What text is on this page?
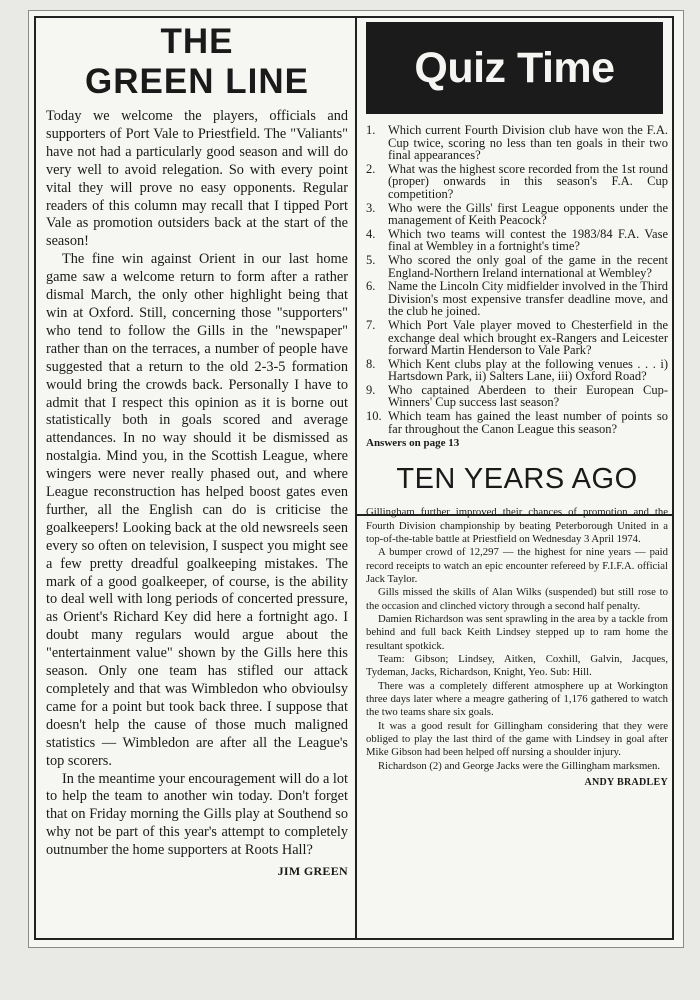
THE
GREEN LINE

Today we welcome the players, officials and supporters of Port Vale to Priestfield. The "Valiants" have not had a particularly good season and will do very well to avoid relegation. So with every point vital they will prove no easy opponents. Regular readers of this column may recall that I tipped Port Vale as promotion outsiders back at the start of the season!

The fine win against Orient in our last home game saw a welcome return to form after a rather dismal March, the only other highlight being that win at Oxford. Still, concerning those "supporters" who tend to follow the Gills in the "newspaper" rather than on the terraces, a number of people have suggested that a return to the old 2-3-5 formation would bring the crowds back. Personally I have to admit that I respect this opinion as it is borne out statistically both in goals scored and average attendances. In no way should it be dismissed as nostalgia. Mind you, in the Scottish League, where wingers were never really phased out, and where League reconstruction has helped boost gates even further, all the English can do is criticise the goalkeepers! Looking back at the old newsreels seen every so often on television, I suspect you might see a few pretty dreadful goalkeeping mistakes. The mark of a good goalkeeper, of course, is the ability to deal well with long periods of concerted pressure, as Orient's Richard Key did here a fortnight ago. I doubt many regulars would argue about the "entertainment value" shown by the Gills here this season. Only one team has stifled our attack completely and that was Wimbledon who obvioulsy came for a point but took back three. I suppose that doesn't help the cause of those much maligned statistics — Wimbledon are after all the League's top scorers.

In the meantime your encouragement will do a lot to help the team to another win today. Don't forget that on Friday morning the Gills play at Southend so why not be part of this year's attempt to completely outnumber the home supporters at Roots Hall?

JIM GREEN
Quiz Time
1.	Which current Fourth Division club have won the F.A. Cup twice, scoring no less than ten goals in their two final appearances?
2.	What was the highest score recorded from the 1st round (proper) onwards in this season's F.A. Cup competition?
3.	Who were the Gills' first League opponents under the management of Keith Peacock?
4.	Which two teams will contest the 1983/84 F.A. Vase final at Wembley in a fortnight's time?
5.	Who scored the only goal of the game in the recent England-Northern Ireland international at Wembley?
6.	Name the Lincoln City midfielder involved in the Third Division's most expensive transfer deadline move, and the club he joined.
7.	Which Port Vale player moved to Chesterfield in the exchange deal which brought ex-Rangers and Leicester forward Martin Henderson to Vale Park?
8.	Which Kent clubs play at the following venues . . . i) Hartsdown Park, ii) Salters Lane, iii) Oxford Road?
9.	Who captained Aberdeen to their European Cup-Winners' Cup success last season?
10. Which team has gained the least number of points so far throughout the Canon League this season?
Answers on page 13
TEN YEARS AGO

Gillingham further improved their chances of promotion and the Fourth Division championship by beating Peterborough United in a top-of-the-table battle at Priestfield on Wednesday 3 April 1974.

A bumper crowd of 12,297 — the highest for nine years — paid record receipts to watch an epic encounter refereed by F.I.F.A. official Jack Taylor.

Gills missed the skills of Alan Wilks (suspended) but still rose to the occasion and clinched victory through a second half penalty.

Damien Richardson was sent sprawling in the area by a tackle from behind and full back Keith Lindsey stepped up to ram home the resultant spotkick.

Team: Gibson; Lindsey, Aitken, Coxhill, Galvin, Jacques, Tydeman, Jacks, Richardson, Knight, Yeo. Sub: Hill.

There was a completely different atmosphere up at Workington three days later where a meagre gathering of 1,176 gathered to watch the two teams share six goals.

It was a good result for Gillingham considering that they were obliged to play the last third of the game with Lindsey in goal after Mike Gibson had been helped off nursing a shoulder injury.

Richardson (2) and George Jacks were the Gillingham marksmen.

ANDY BRADLEY
